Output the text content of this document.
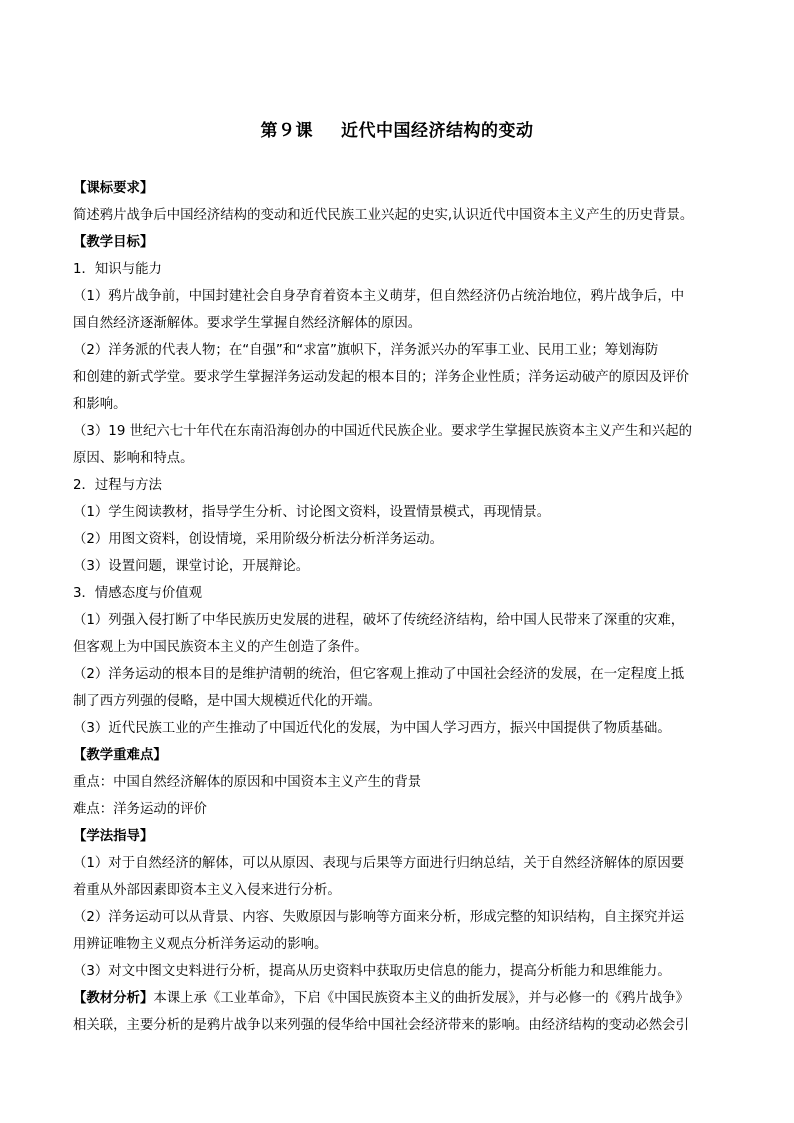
第９课 近代中国经济结构的变动

【课标要求】

简述鸦片战争后中国经济结构的变动和近代民族工业兴起的史实,认识近代中国资本主义产生的历史背景。

【教学目标】

1．知识与能力

（1）鸦片战争前，中国封建社会自身孕育着资本主义萌芽，但自然经济仍占统治地位，鸦片战争后，中

国自然经济逐渐解体。要求学生掌握自然经济解体的原因。

（2）洋务派的代表人物；在“自强”和“求富”旗帜下，洋务派兴办的军事工业、民用工业；筹划海防

和创建的新式学堂。要求学生掌握洋务运动发起的根本目的；洋务企业性质；洋务运动破产的原因及评价

和影响。

（3）19 世纪六七十年代在东南沿海创办的中国近代民族企业。要求学生掌握民族资本主义产生和兴起的

原因、影响和特点。

2．过程与方法

（1）学生阅读教材，指导学生分析、讨论图文资料，设置情景模式，再现情景。

（2）用图文资料，创设情境，采用阶级分析法分析洋务运动。

（3）设置问题，课堂讨论，开展辩论。

3．情感态度与价值观

（1）列强入侵打断了中华民族历史发展的进程，破坏了传统经济结构，给中国人民带来了深重的灾难，

但客观上为中国民族资本主义的产生创造了条件。

（2）洋务运动的根本目的是维护清朝的统治，但它客观上推动了中国社会经济的发展，在一定程度上抵

制了西方列强的侵略，是中国大规模近代化的开端。

（3）近代民族工业的产生推动了中国近代化的发展，为中国人学习西方，振兴中国提供了物质基础。

【教学重难点】

重点：中国自然经济解体的原因和中国资本主义产生的背景

难点：洋务运动的评价

【学法指导】

（1）对于自然经济的解体，可以从原因、表现与后果等方面进行归纳总结，关于自然经济解体的原因要

着重从外部因素即资本主义入侵来进行分析。

（2）洋务运动可以从背景、内容、失败原因与影响等方面来分析，形成完整的知识结构，自主探究并运

用辨证唯物主义观点分析洋务运动的影响。

（3）对文中图文史料进行分析，提高从历史资料中获取历史信息的能力，提高分析能力和思维能力。

【教材分析】本课上承《工业革命》，下启《中国民族资本主义的曲折发展》，并与必修一的《鸦片战争》

相关联，主要分析的是鸦片战争以来列强的侵华给中国社会经济带来的影响。由经济结构的变动必然会引
